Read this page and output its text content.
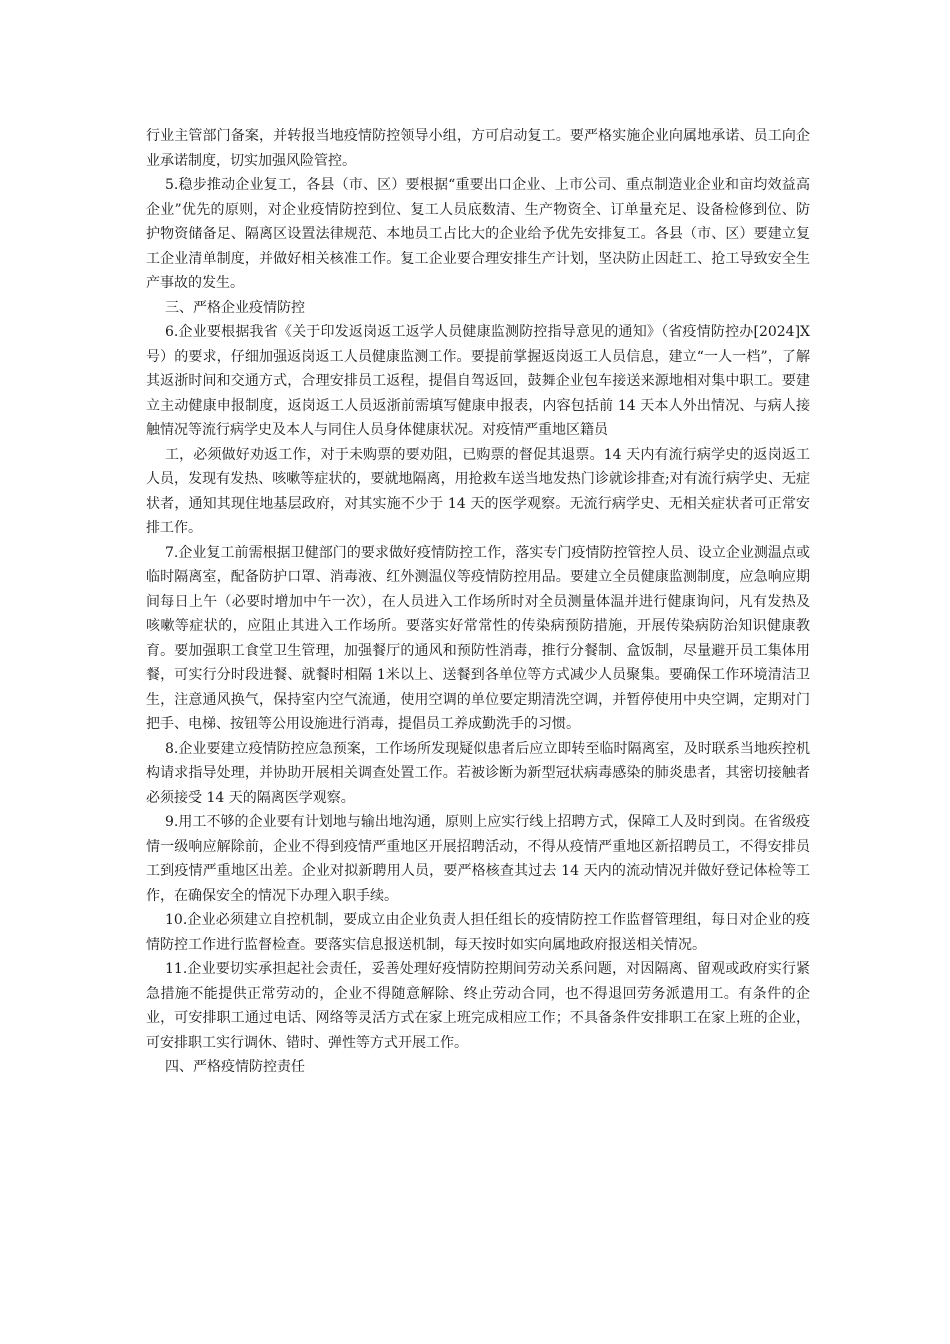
行业主管部门备案，并转报当地疫情防控领导小组，方可启动复工。要严格实施企业向属地承诺、员工向企业承诺制度，切实加强风险管控。

5.稳步推动企业复工，各县（市、区）要根据“重要出口企业、上市公司、重点制造业企业和亩均效益高企业”优先的原则，对企业疫情防控到位、复工人员底数清、生产物资全、订单量充足、设备检修到位、防护物资储备足、隔离区设置法律规范、本地员工占比大的企业给予优先安排复工。各县（市、区）要建立复工企业清单制度，并做好相关核准工作。复工企业要合理安排生产计划，坚决防止因赶工、抢工导致安全生产事故的发生。

三、严格企业疫情防控

6.企业要根据我省《关于印发返岗返工返学人员健康监测防控指导意见的通知》（省疫情防控办[2024]X 号）的要求，仔细加强返岗返工人员健康监测工作。要提前掌握返岗返工人员信息，建立“一人一档”，了解其返浙时间和交通方式，合理安排员工返程，提倡自驾返回，鼓舞企业包车接送来源地相对集中职工。要建立主动健康申报制度，返岗返工人员返浙前需填写健康申报表，内容包括前 14 天本人外出情况、与病人接触情况等流行病学史及本人与同住人员身体健康状况。对疫情严重地区籍员

工，必须做好劝返工作，对于未购票的要劝阻，已购票的督促其退票。14 天内有流行病学史的返岗返工人员，发现有发热、咳嗽等症状的，要就地隔离，用抢救车送当地发热门诊就诊排查;对有流行病学史、无症状者，通知其现住地基层政府，对其实施不少于 14 天的医学观察。无流行病学史、无相关症状者可正常安排工作。

7.企业复工前需根据卫健部门的要求做好疫情防控工作，落实专门疫情防控管控人员、设立企业测温点或临时隔离室，配备防护口罩、消毒液、红外测温仪等疫情防控用品。要建立全员健康监测制度，应急响应期间每日上午（必要时增加中午一次），在人员进入工作场所时对全员测量体温并进行健康询问，凡有发热及咳嗽等症状的，应阻止其进入工作场所。要落实好常常性的传染病预防措施，开展传染病防治知识健康教育。要加强职工食堂卫生管理，加强餐厅的通风和预防性消毒，推行分餐制、盒饭制，尽量避开员工集体用餐，可实行分时段进餐、就餐时相隔 1米以上、送餐到各单位等方式减少人员聚集。要确保工作环境清洁卫生，注意通风换气，保持室内空气流通，使用空调的单位要定期清洗空调，并暂停使用中央空调，定期对门把手、电梯、按钮等公用设施进行消毒，提倡员工养成勤洗手的习惯。

8.企业要建立疫情防控应急预案，工作场所发现疑似患者后应立即转至临时隔离室，及时联系当地疾控机构请求指导处理，并协助开展相关调查处置工作。若被诊断为新型冠状病毒感染的肺炎患者，其密切接触者必须接受 14 天的隔离医学观察。

9.用工不够的企业要有计划地与输出地沟通，原则上应实行线上招聘方式，保障工人及时到岗。在省级疫情一级响应解除前，企业不得到疫情严重地区开展招聘活动，不得从疫情严重地区新招聘员工，不得安排员工到疫情严重地区出差。企业对拟新聘用人员，要严格核查其过去 14 天内的流动情况并做好登记体检等工作，在确保安全的情况下办理入职手续。

10.企业必须建立自控机制，要成立由企业负责人担任组长的疫情防控工作监督管理组，每日对企业的疫情防控工作进行监督检查。要落实信息报送机制，每天按时如实向属地政府报送相关情况。

11.企业要切实承担起社会责任，妥善处理好疫情防控期间劳动关系问题，对因隔离、留观或政府实行紧急措施不能提供正常劳动的，企业不得随意解除、终止劳动合同，也不得退回劳务派遣用工。有条件的企业，可安排职工通过电话、网络等灵活方式在家上班完成相应工作；不具备条件安排职工在家上班的企业，可安排职工实行调休、错时、弹性等方式开展工作。

四、严格疫情防控责任
